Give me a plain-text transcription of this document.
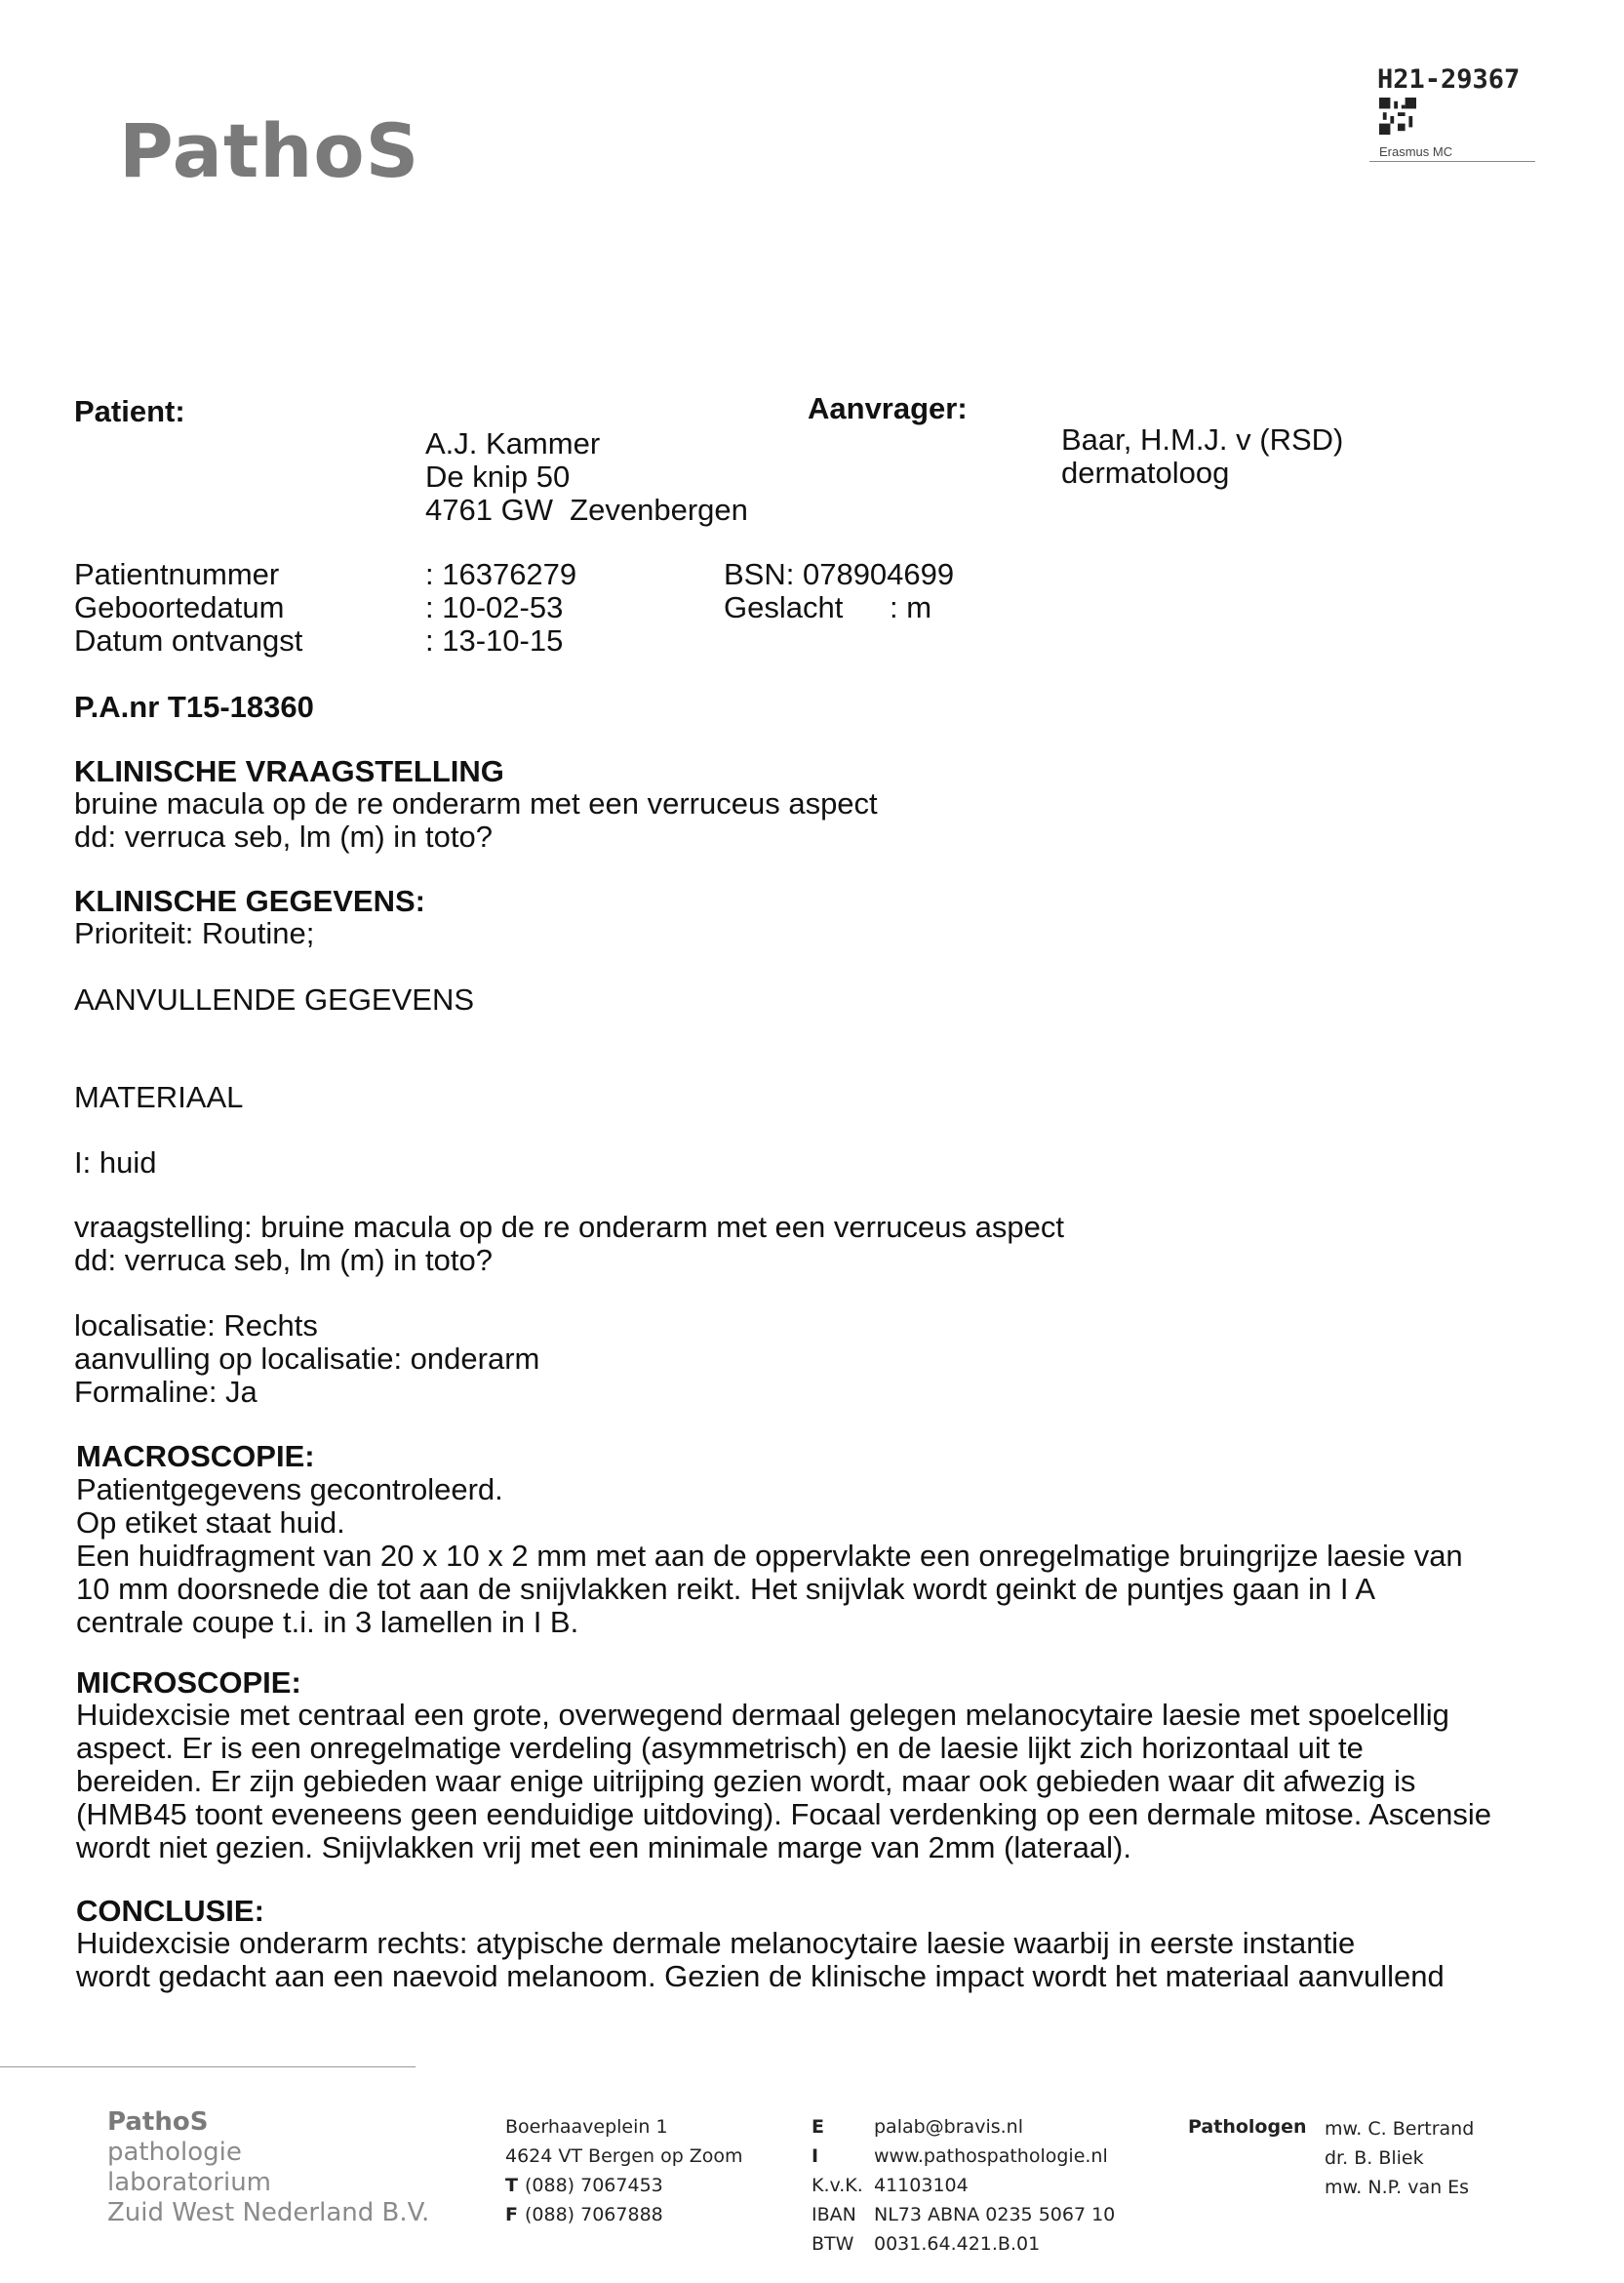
PathoS
H21-29367
Erasmus MC
Patient:
A.J. Kammer
De knip 50
4761 GW  Zevenbergen
Aanvrager:
Baar, H.M.J. v (RSD)
dermatoloog
Patientnummer	: 16376279
Geboortedatum	: 10-02-53
Datum ontvangst	: 13-10-15
BSN: 078904699
Geslacht : m
P.A.nr T15-18360
KLINISCHE VRAAGSTELLING
bruine macula op de re onderarm met een verruceus aspect
dd: verruca seb, lm (m) in toto?
KLINISCHE GEGEVENS:
Prioriteit: Routine;
AANVULLENDE GEGEVENS
MATERIAAL
I: huid
vraagstelling: bruine macula op de re onderarm met een verruceus aspect
dd: verruca seb, lm (m) in toto?
localisatie: Rechts
aanvulling op localisatie: onderarm
Formaline: Ja
MACROSCOPIE:
Patientgegevens gecontroleerd.
Op etiket staat huid.
Een huidfragment van 20 x 10 x 2 mm met aan de oppervlakte een onregelmatige bruingrijze laesie van
10 mm doorsnede die tot aan de snijvlakken reikt. Het snijvlak wordt geinkt de puntjes gaan in I A
centrale coupe t.i. in 3 lamellen in I B.
MICROSCOPIE:
Huidexcisie met centraal een grote, overwegend dermaal gelegen melanocytaire laesie met spoelcellig
aspect. Er is een onregelmatige verdeling (asymmetrisch) en de laesie lijkt zich horizontaal uit te
bereiden. Er zijn gebieden waar enige uitrijping gezien wordt, maar ook gebieden waar dit afwezig is
(HMB45 toont eveneens geen eenduidige uitdoving). Focaal verdenking op een dermale mitose. Ascensie
wordt niet gezien. Snijvlakken vrij met een minimale marge van 2mm (lateraal).
CONCLUSIE:
Huidexcisie onderarm rechts: atypische dermale melanocytaire laesie waarbij in eerste instantie
wordt gedacht aan een naevoid melanoom. Gezien de klinische impact wordt het materiaal aanvullend
PathoS
pathologie
laboratorium
Zuid West Nederland B.V.
Boerhaaveplein 1
4624 VT Bergen op Zoom
T (088) 7067453
F (088) 7067888
E	palab@bravis.nl
I	www.pathospathologie.nl
K.v.K. 41103104
IBAN NL73 ABNA 0235 5067 10
BTW 0031.64.421.B.01
Pathologen mw. C. Bertrand
dr. B. Bliek
mw. N.P. van Es
